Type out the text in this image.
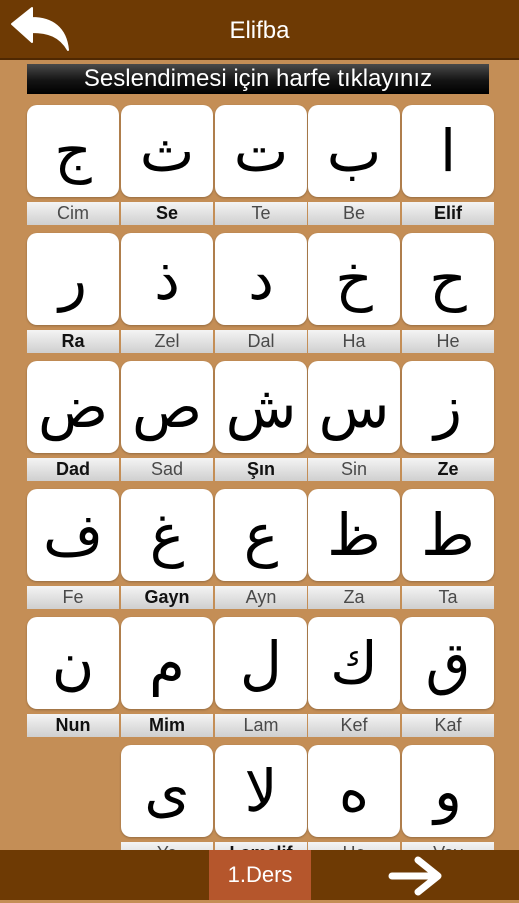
Elifba
Seslendimesi için harfe tıklayınız
ج
Cim
ث
Se
ت
Te
ب
Be
ا
Elif
ر
Ra
ذ
Zel
د
Dal
خ
Ha
ح
He
ض
Dad
ص
Sad
ش
Şın
س
Sin
ز
Ze
ف
Fe
غ
Gayn
ع
Ayn
ظ
Za
ط
Ta
ن
Nun
م
Mim
ل
Lam
ك
Kef
ق
Kaf
ى لا ه و
1.Ders
